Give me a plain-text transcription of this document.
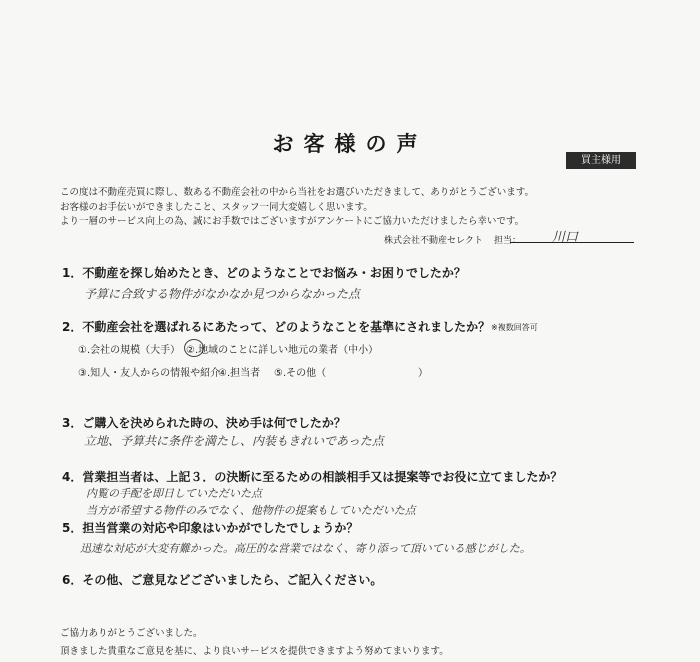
お客様の声
買主様用
この度は不動産売買に際し、数ある不動産会社の中から当社をお選びいただきまして、ありがとうございます。
お客様のお手伝いができましたこと、スタッフ一同大変嬉しく思います。
より一層のサービス向上の為、誠にお手数ではございますがアンケートにご協力いただけましたら幸いです。
株式会社不動産セレクト 担当： 川口
1．不動産を探し始めたとき、どのようなことでお悩み・お困りでしたか？
予算に合致する物件がなかなか見つからなかった点
2．不動産会社を選ばれるにあたって、どのようなことを基準にされましたか？ ※複数回答可
①.会社の規模（大手） ②.地域のことに詳しい地元の業者（中小）
③.知人・友人からの情報や紹介
④.担当者 ⑤.その他（	）
3．ご購入を決められた時の、決め手は何でしたか？
立地、予算共に条件を満たし、内装もきれいであった点
4．営業担当者は、上記３．の決断に至るための相談相手又は提案等でお役に立てましたか？
内覧の手配を即日していただいた点
当方が希望する物件のみでなく、他物件の提案もしていただいた点
5．担当営業の対応や印象はいかがでしたでしょうか？
迅速な対応が大変有難かった。高圧的な営業ではなく、寄り添って頂いている感じがした。
6．その他、ご意見などございましたら、ご記入ください。
ご協力ありがとうございました。
頂きました貴重なご意見を基に、より良いサービスを提供できますよう努めてまいります。
